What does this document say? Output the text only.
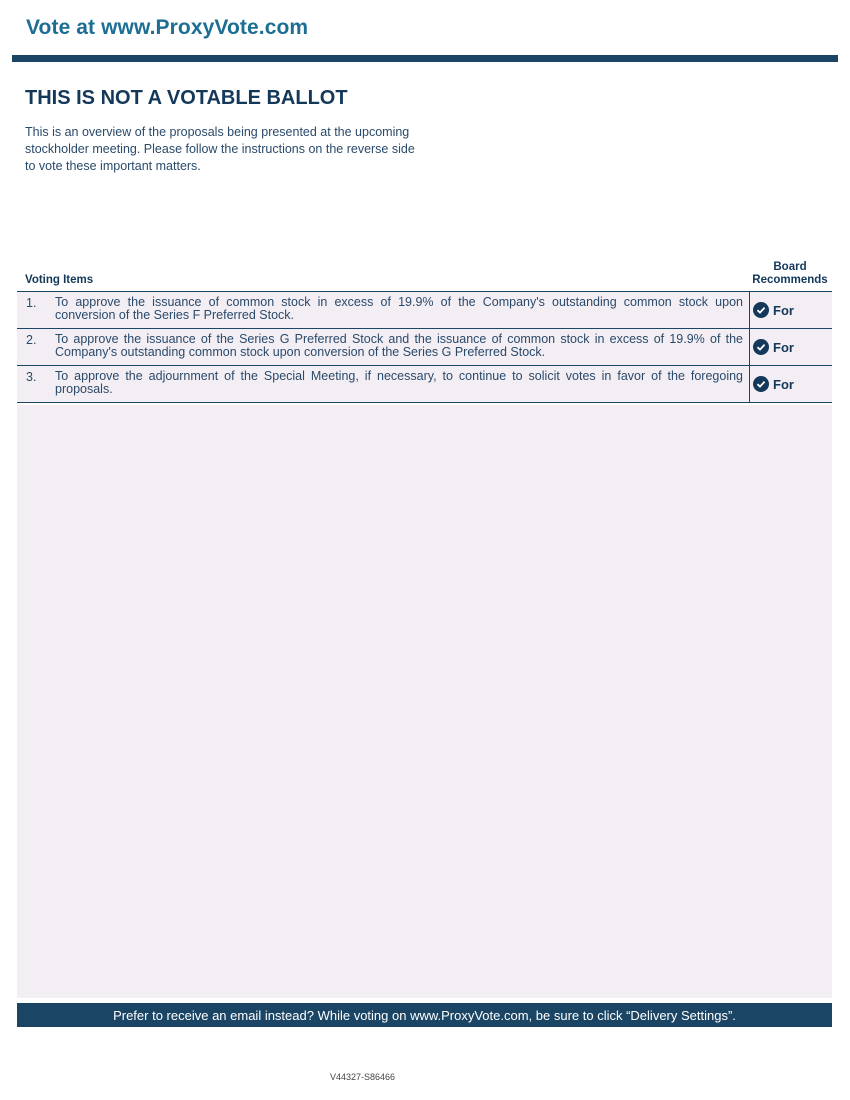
Vote at www.ProxyVote.com
THIS IS NOT A VOTABLE BALLOT
This is an overview of the proposals being presented at the upcoming stockholder meeting. Please follow the instructions on the reverse side to vote these important matters.
Voting Items
Board Recommends
1.	To approve the issuance of common stock in excess of 19.9% of the Company's outstanding common stock upon conversion of the Series F Preferred Stock.	For
2.	To approve the issuance of the Series G Preferred Stock and the issuance of common stock in excess of 19.9% of the Company's outstanding common stock upon conversion of the Series G Preferred Stock.	For
3.	To approve the adjournment of the Special Meeting, if necessary, to continue to solicit votes in favor of the foregoing proposals.	For
Prefer to receive an email instead? While voting on www.ProxyVote.com, be sure to click “Delivery Settings”.
V44327-S86466
